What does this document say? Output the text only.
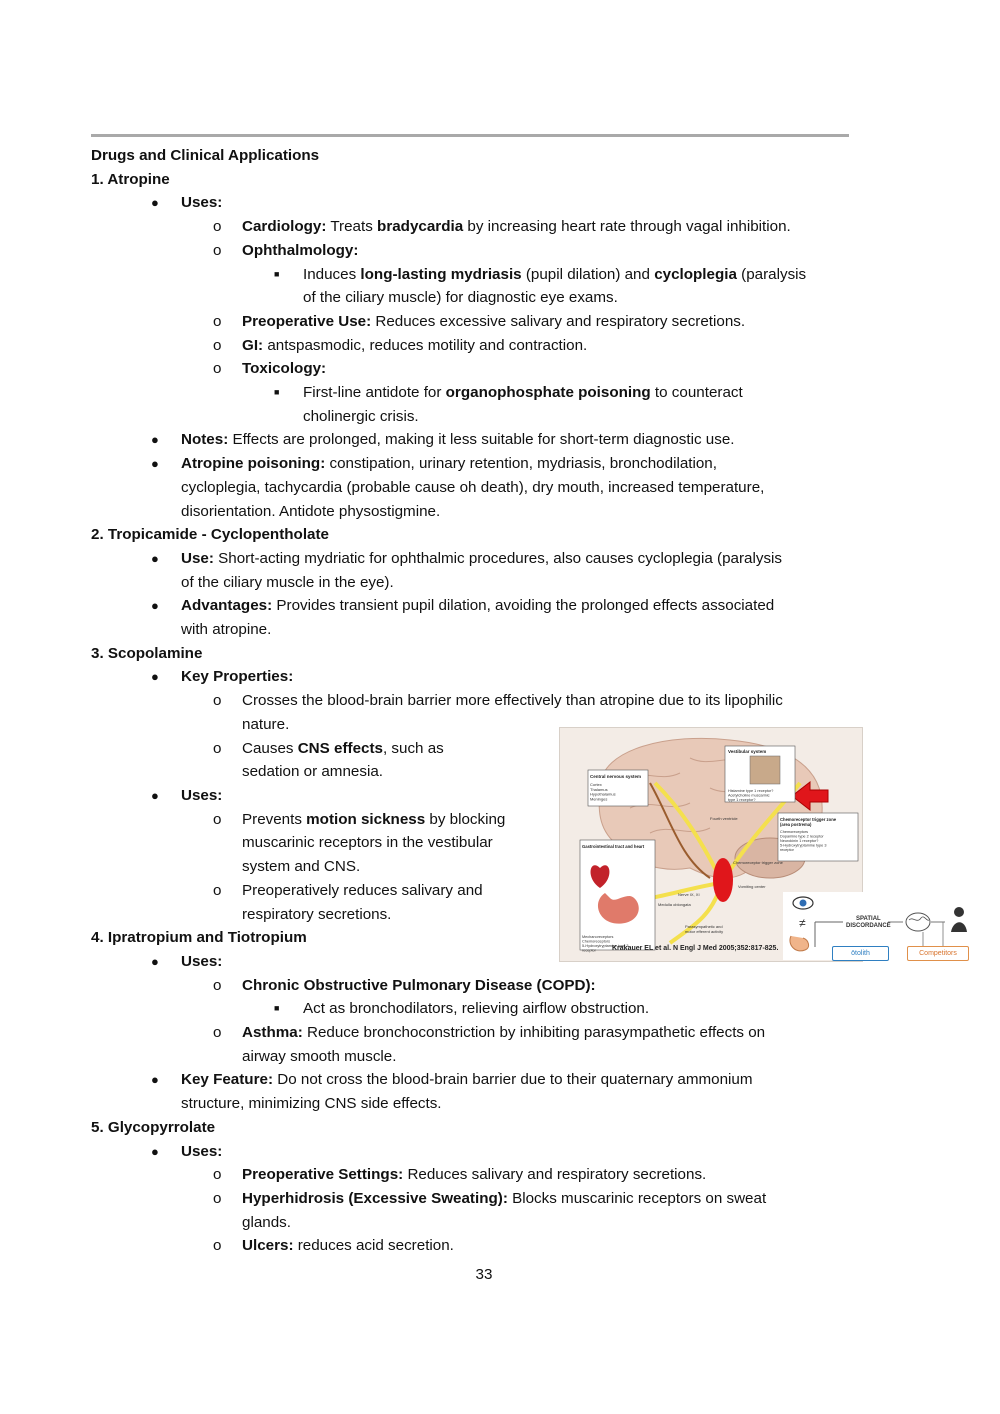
Drugs and Clinical Applications
1. Atropine
● Uses:
o Cardiology: Treats bradycardia by increasing heart rate through vagal inhibition.
o Ophthalmology:
■ Induces long-lasting mydriasis (pupil dilation) and cycloplegia (paralysis
of the ciliary muscle) for diagnostic eye exams.
o Preoperative Use: Reduces excessive salivary and respiratory secretions.
o GI: antspasmodic, reduces motility and contraction.
o Toxicology:
■ First-line antidote for organophosphate poisoning to counteract
cholinergic crisis.
● Notes: Effects are prolonged, making it less suitable for short-term diagnostic use.
● Atropine poisoning: constipation, urinary retention, mydriasis, bronchodilation,
cycloplegia, tachycardia (probable cause oh death), dry mouth, increased temperature,
disorientation. Antidote physostigmine.
2. Tropicamide - Cyclopentholate
● Use: Short-acting mydriatic for ophthalmic procedures, also causes cycloplegia (paralysis
of the ciliary muscle in the eye).
● Advantages: Provides transient pupil dilation, avoiding the prolonged effects associated
with atropine.
3. Scopolamine
● Key Properties:
o Crosses the blood-brain barrier more effectively than atropine due to its lipophilic
nature.
o Causes CNS effects, such as
sedation or amnesia.
● Uses:
o Prevents motion sickness by blocking
muscarinic receptors in the vestibular
system and CNS.
o Preoperatively reduces salivary and
respiratory secretions.
4. Ipratropium and Tiotropium
● Uses:
o Chronic Obstructive Pulmonary Disease (COPD):
■ Act as bronchodilators, relieving airflow obstruction.
o Asthma: Reduce bronchoconstriction by inhibiting parasympathetic effects on
airway smooth muscle.
● Key Feature: Do not cross the blood-brain barrier due to their quaternary ammonium
structure, minimizing CNS side effects.
5. Glycopyrrolate
● Uses:
o Preoperative Settings: Reduces salivary and respiratory secretions.
o Hyperhidrosis (Excessive Sweating): Blocks muscarinic receptors on sweat
glands.
o Ulcers: reduces acid secretion.
Central nervous system
Cortex Thalamus Hypothalamus Meninges
Vestibular system
Histamine type 1 receptor? Acetylcholine muscarinic type 1 receptor?
Chemoreceptor trigger zone (area postrema)
Chemoreceptors Dopamine type 2 receptor Neurokinin 1 receptor? 5-Hydroxytryptamine type 3 receptor
Gastrointestinal tract and heart
Mechanoreceptors Chemoreceptors 5-Hydroxytryptamine type 3 receptor
Fourth ventricle
Chemoreceptor trigger zone
Vomiting center
Medulla oblongata
Nerve IX, XI
Parasympathetic and motor efferent activity
Krakauer EL et al. N Engl J Med 2005;352:817-825.
≠	SPATIAL
DISCORDANCE
ōtolith	Competitors
33
